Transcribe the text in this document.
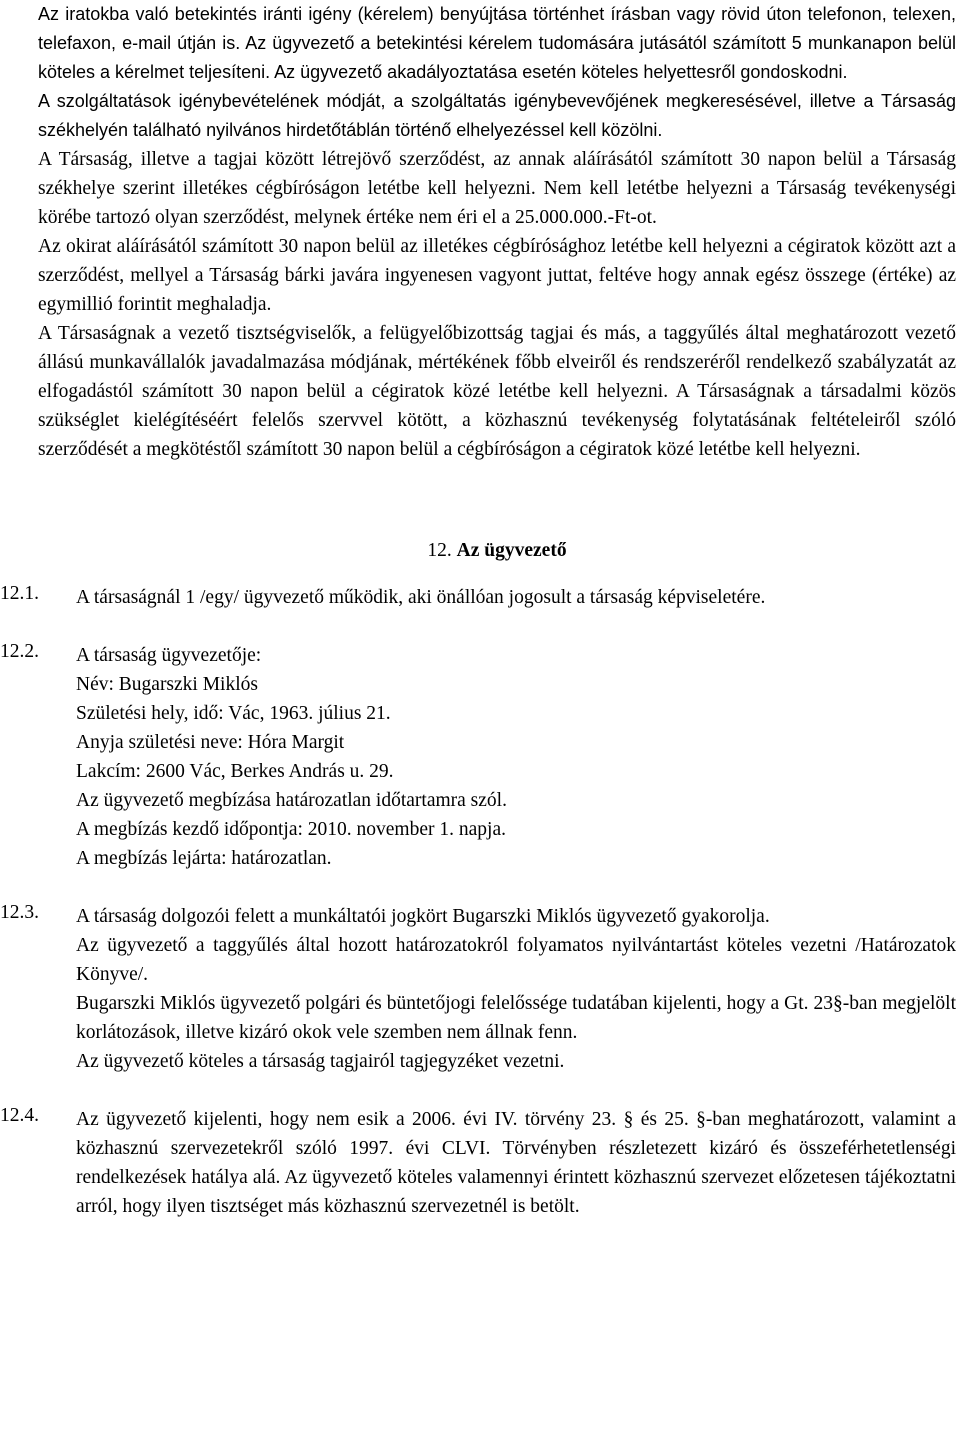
Az iratokba való betekintés iránti igény (kérelem) benyújtása történhet írásban vagy rövid úton telefonon, telexen, telefaxon, e-mail útján is. Az ügyvezető a betekintési kérelem tudomására jutásától számított 5 munkanapon belül köteles a kérelmet teljesíteni. Az ügyvezető akadályoztatása esetén köteles helyettesről gondoskodni.

A szolgáltatások igénybevételének módját, a szolgáltatás igénybevevőjének megkeresésével, illetve a Társaság székhelyén található nyilvános hirdetőtáblán történő elhelyezéssel kell közölni.

A Társaság, illetve a tagjai között létrejövő szerződést, az annak aláírásától számított 30 napon belül a Társaság székhelye szerint illetékes cégbíróságon letétbe kell helyezni. Nem kell letétbe helyezni a Társaság tevékenységi körébe tartozó olyan szerződést, melynek értéke nem éri el a 25.000.000.-Ft-ot.

Az okirat aláírásától számított 30 napon belül az illetékes cégbírósághoz letétbe kell helyezni a cégiratok között azt a szerződést, mellyel a Társaság bárki javára ingyenesen vagyont juttat, feltéve hogy annak egész összege (értéke) az egymillió forintit meghaladja.

A Társaságnak a vezető tisztségviselők, a felügyelőbizottság tagjai és más, a taggyűlés által meghatározott vezető állású munkavállalók javadalmazása módjának, mértékének főbb elveiről és rendszeréről rendelkező szabályzatát az elfogadástól számított 30 napon belül a cégiratok közé letétbe kell helyezni. A Társaságnak a társadalmi közös szükséglet kielégítéséért felelős szervvel kötött, a közhasznú tevékenység folytatásának feltételeiről szóló szerződését a megkötéstől számított 30 napon belül a cégbíróságon a cégiratok közé letétbe kell helyezni.

12. Az ügyvezető

12.1.	A társaságnál 1 /egy/ ügyvezető működik, aki önállóan jogosult a társaság képviseletére.

12.2.	A társaság ügyvezetője:

Név: Bugarszki Miklós

Születési hely, idő: Vác, 1963. július 21.

Anyja születési neve: Hóra Margit

Lakcím: 2600 Vác, Berkes András u. 29.

Az ügyvezető megbízása határozatlan időtartamra szól.

A megbízás kezdő időpontja: 2010. november 1. napja.

A megbízás lejárta: határozatlan.

12.3.	A társaság dolgozói felett a munkáltatói jogkört Bugarszki Miklós ügyvezető gyakorolja.

Az ügyvezető a taggyűlés által hozott határozatokról folyamatos nyilvántartást köteles vezetni /Határozatok Könyve/.

Bugarszki Miklós ügyvezető polgári és büntetőjogi felelőssége tudatában kijelenti, hogy a Gt. 23§-ban megjelölt korlátozások, illetve kizáró okok vele szemben nem állnak fenn.

Az ügyvezető köteles a társaság tagjairól tagjegyzéket vezetni.

12.4.	Az ügyvezető kijelenti, hogy nem esik a 2006. évi IV. törvény 23. § és 25. §-ban meghatározott, valamint a közhasznú szervezetekről szóló 1997. évi CLVI. Törvényben részletezett kizáró és összeférhetetlenségi rendelkezések hatálya alá. Az ügyvezető köteles valamennyi érintett közhasznú szervezet előzetesen tájékoztatni arról, hogy ilyen tisztséget más közhasznú szervezetnél is betölt.
